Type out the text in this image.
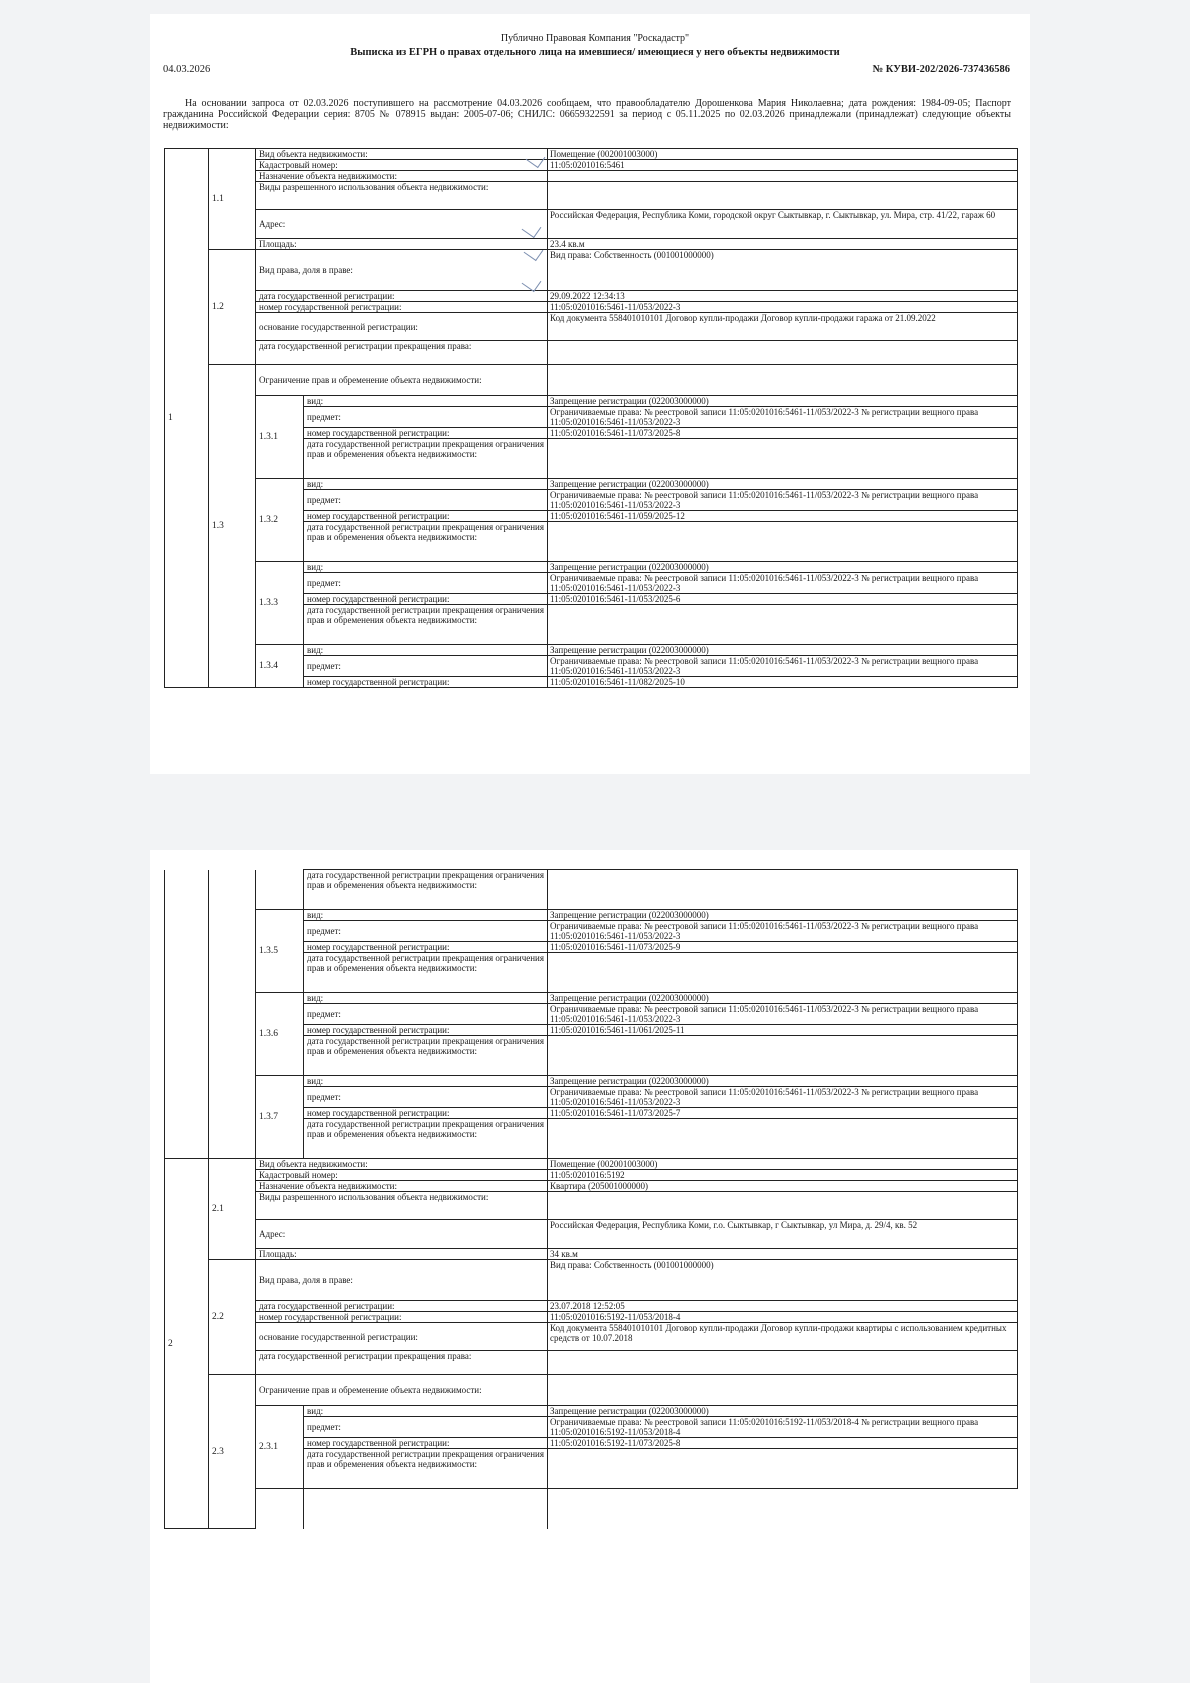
Публично Правовая Компания "Роскадастр"
Выписка из ЕГРН о правах отдельного лица на имевшиеся/ имеющиеся у него объекты недвижимости
04.03.2026	№ КУВИ-202/2026-737436586
На основании запроса от 02.03.2026 поступившего на рассмотрение 04.03.2026 сообщаем, что правообладателю Дорошенкова Мария Николаевна; дата рождения: 1984-09-05; Паспорт гражданина Российской Федерации серия: 8705 № 078915 выдан: 2005-07-06; СНИЛС: 06659322591 за период с 05.11.2025 по 02.03.2026 принадлежали (принадлежат) следующие объекты недвижимости:
1	1.1	Вид объекта недвижимости:		Помещение (002001003000)
		Кадастровый номер:		11:05:0201016:5461
		Назначение объекта недвижимости:		
		Виды разрешенного использования объекта недвижимости:		
		Адрес:		Российская Федерация, Республика Коми, городской округ Сыктывкар, г. Сыктывкар, ул. Мира, стр. 41/22, гараж 60
		Площадь:		23.4 кв.м
	1.2	Вид права, доля в праве:		Вид права: Собственность (001001000000)
		дата государственной регистрации:		29.09.2022 12:34:13
		номер государственной регистрации:		11:05:0201016:5461-11/053/2022-3
		основание государственной регистрации:		Код документа 558401010101 Договор купли-продажи Договор купли-продажи гаража от 21.09.2022
		дата государственной регистрации прекращения права:		
	1.3	Ограничение прав и обременение объекта недвижимости:		
		1.3.1	вид:	Запрещение регистрации (022003000000)
			предмет:	Ограничиваемые права: № реестровой записи 11:05:0201016:5461-11/053/2022-3 № регистрации вещного права 11:05:0201016:5461-11/053/2022-3
			номер государственной регистрации:	11:05:0201016:5461-11/073/2025-8
			дата государственной регистрации прекращения ограничения прав и обременения объекта недвижимости:	
		1.3.2	вид:	Запрещение регистрации (022003000000)
			предмет:	Ограничиваемые права: № реестровой записи 11:05:0201016:5461-11/053/2022-3 № регистрации вещного права 11:05:0201016:5461-11/053/2022-3
			номер государственной регистрации:	11:05:0201016:5461-11/059/2025-12
			дата государственной регистрации прекращения ограничения прав и обременения объекта недвижимости:	
		1.3.3	вид:	Запрещение регистрации (022003000000)
			предмет:	Ограничиваемые права: № реестровой записи 11:05:0201016:5461-11/053/2022-3 № регистрации вещного права 11:05:0201016:5461-11/053/2022-3
			номер государственной регистрации:	11:05:0201016:5461-11/053/2025-6
			дата государственной регистрации прекращения ограничения прав и обременения объекта недвижимости:	
		1.3.4	вид:	Запрещение регистрации (022003000000)
			предмет:	Ограничиваемые права: № реестровой записи 11:05:0201016:5461-11/053/2022-3 № регистрации вещного права 11:05:0201016:5461-11/053/2022-3
			номер государственной регистрации:	11:05:0201016:5461-11/082/2025-10
			дата государственной регистрации прекращения ограничения прав и обременения объекта недвижимости:	
		1.3.5	вид:	Запрещение регистрации (022003000000)
			предмет:	Ограничиваемые права: № реестровой записи 11:05:0201016:5461-11/053/2022-3 № регистрации вещного права 11:05:0201016:5461-11/053/2022-3
			номер государственной регистрации:	11:05:0201016:5461-11/073/2025-9
			дата государственной регистрации прекращения ограничения прав и обременения объекта недвижимости:	
		1.3.6	вид:	Запрещение регистрации (022003000000)
			предмет:	Ограничиваемые права: № реестровой записи 11:05:0201016:5461-11/053/2022-3 № регистрации вещного права 11:05:0201016:5461-11/053/2022-3
			номер государственной регистрации:	11:05:0201016:5461-11/061/2025-11
			дата государственной регистрации прекращения ограничения прав и обременения объекта недвижимости:	
		1.3.7	вид:	Запрещение регистрации (022003000000)
			предмет:	Ограничиваемые права: № реестровой записи 11:05:0201016:5461-11/053/2022-3 № регистрации вещного права 11:05:0201016:5461-11/053/2022-3
			номер государственной регистрации:	11:05:0201016:5461-11/073/2025-7
			дата государственной регистрации прекращения ограничения прав и обременения объекта недвижимости:	
2	2.1	Вид объекта недвижимости:		Помещение (002001003000)
		Кадастровый номер:		11:05:0201016:5192
		Назначение объекта недвижимости:		Квартира (205001000000)
		Виды разрешенного использования объекта недвижимости:		
		Адрес:		Российская Федерация, Республика Коми, г.о. Сыктывкар, г Сыктывкар, ул Мира, д. 29/4, кв. 52
		Площадь:		34 кв.м
	2.2	Вид права, доля в праве:		Вид права: Собственность (001001000000)
		дата государственной регистрации:		23.07.2018 12:52:05
		номер государственной регистрации:		11:05:0201016:5192-11/053/2018-4
		основание государственной регистрации:		Код документа 558401010101 Договор купли-продажи Договор купли-продажи квартиры с использованием кредитных средств от 10.07.2018
		дата государственной регистрации прекращения права:		
	2.3	Ограничение прав и обременение объекта недвижимости:		
		2.3.1	вид:	Запрещение регистрации (022003000000)
			предмет:	Ограничиваемые права: № реестровой записи 11:05:0201016:5192-11/053/2018-4 № регистрации вещного права 11:05:0201016:5192-11/053/2018-4
			номер государственной регистрации:	11:05:0201016:5192-11/073/2025-8
			дата государственной регистрации прекращения ограничения прав и обременения объекта недвижимости:	
